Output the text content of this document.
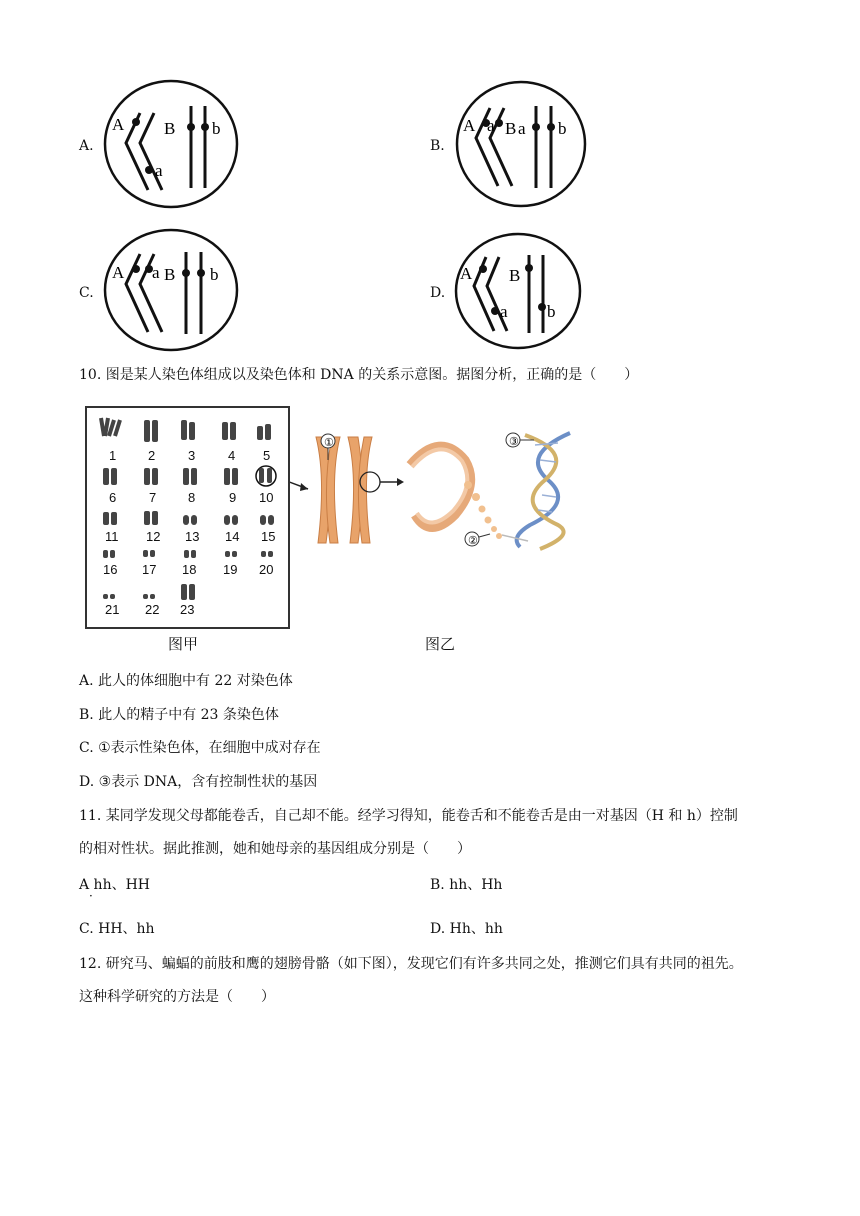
A.
A
a
B b
B.
A a B a b
C.
A a B b
D.
A
a
B
b
10. 图是某人染色体组成以及染色体和 DNA 的关系示意图。据图分析，正确的是（　　）
1 2	3	4 5
6	7 8	9 10
11 12 13 14 15
16 17 18 19 20
21 22 23
图甲
①
②
③
图乙
A. 此人的体细胞中有 22 对染色体
B. 此人的精子中有 23 条染色体
C. ①表示性染色体，在细胞中成对存在
D. ③表示 DNA，含有控制性状的基因
11. 某同学发现父母都能卷舌，自己却不能。经学习得知，能卷舌和不能卷舌是由一对基因（H 和 h）控制
的相对性状。据此推测，她和她母亲的基因组成分别是（　　）
A hh、HH
·
B. hh、Hh
C. HH、hh	D. Hh、hh
12. 研究马、蝙蝠的前肢和鹰的翅膀骨骼（如下图），发现它们有许多共同之处，推测它们具有共同的祖先。
这种科学研究的方法是（　　）
